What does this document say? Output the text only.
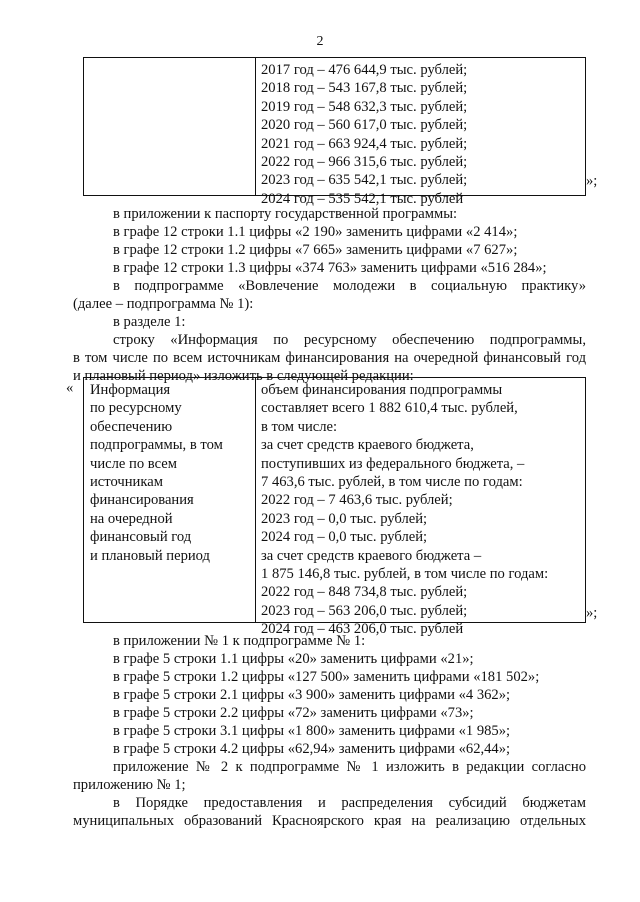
2
2017 год – 476 644,9 тыс. рублей;
2018 год – 543 167,8 тыс. рублей;
2019 год – 548 632,3 тыс. рублей;
2020 год – 560 617,0 тыс. рублей;
2021 год – 663 924,4 тыс. рублей;
2022 год – 966 315,6 тыс. рублей;
2023 год – 635 542,1 тыс. рублей;
2024 год – 535 542,1 тыс. рублей
»;
в приложении к паспорту государственной программы:
в графе 12 строки 1.1 цифры «2 190» заменить цифрами «2 414»;
в графе 12 строки 1.2 цифры «7 665» заменить цифрами «7 627»;
в графе 12 строки 1.3 цифры «374 763» заменить цифрами «516 284»;
в подпрограмме «Вовлечение молодежи в социальную практику»
(далее – подпрограмма № 1):
в разделе 1:
строку «Информация по ресурсному обеспечению подпрограммы,
в том числе по всем источникам финансирования на очередной финансовый год
и плановый период» изложить в следующей редакции:
« Информация
по ресурсному
обеспечению
подпрограммы, в том
числе по всем
источникам
финансирования
на очередной
финансовый год
и плановый период
объем финансирования подпрограммы
составляет всего 1 882 610,4 тыс. рублей,
в том числе:
за счет средств краевого бюджета,
поступивших из федерального бюджета, –
7 463,6 тыс. рублей, в том числе по годам:
2022 год – 7 463,6 тыс. рублей;
2023 год – 0,0 тыс. рублей;
2024 год – 0,0 тыс. рублей;
за счет средств краевого бюджета –
1 875 146,8 тыс. рублей, в том числе по годам:
2022 год – 848 734,8 тыс. рублей;
2023 год – 563 206,0 тыс. рублей;
2024 год – 463 206,0 тыс. рублей
»;
в приложении № 1 к подпрограмме № 1:
в графе 5 строки 1.1 цифры «20» заменить цифрами «21»;
в графе 5 строки 1.2 цифры «127 500» заменить цифрами «181 502»;
в графе 5 строки 2.1 цифры «3 900» заменить цифрами «4 362»;
в графе 5 строки 2.2 цифры «72» заменить цифрами «73»;
в графе 5 строки 3.1 цифры «1 800» заменить цифрами «1 985»;
в графе 5 строки 4.2 цифры «62,94» заменить цифрами «62,44»;
приложение № 2 к подпрограмме № 1 изложить в редакции согласно
приложению № 1;
в Порядке предоставления и распределения субсидий бюджетам
муниципальных образований Красноярского края на реализацию отдельных
